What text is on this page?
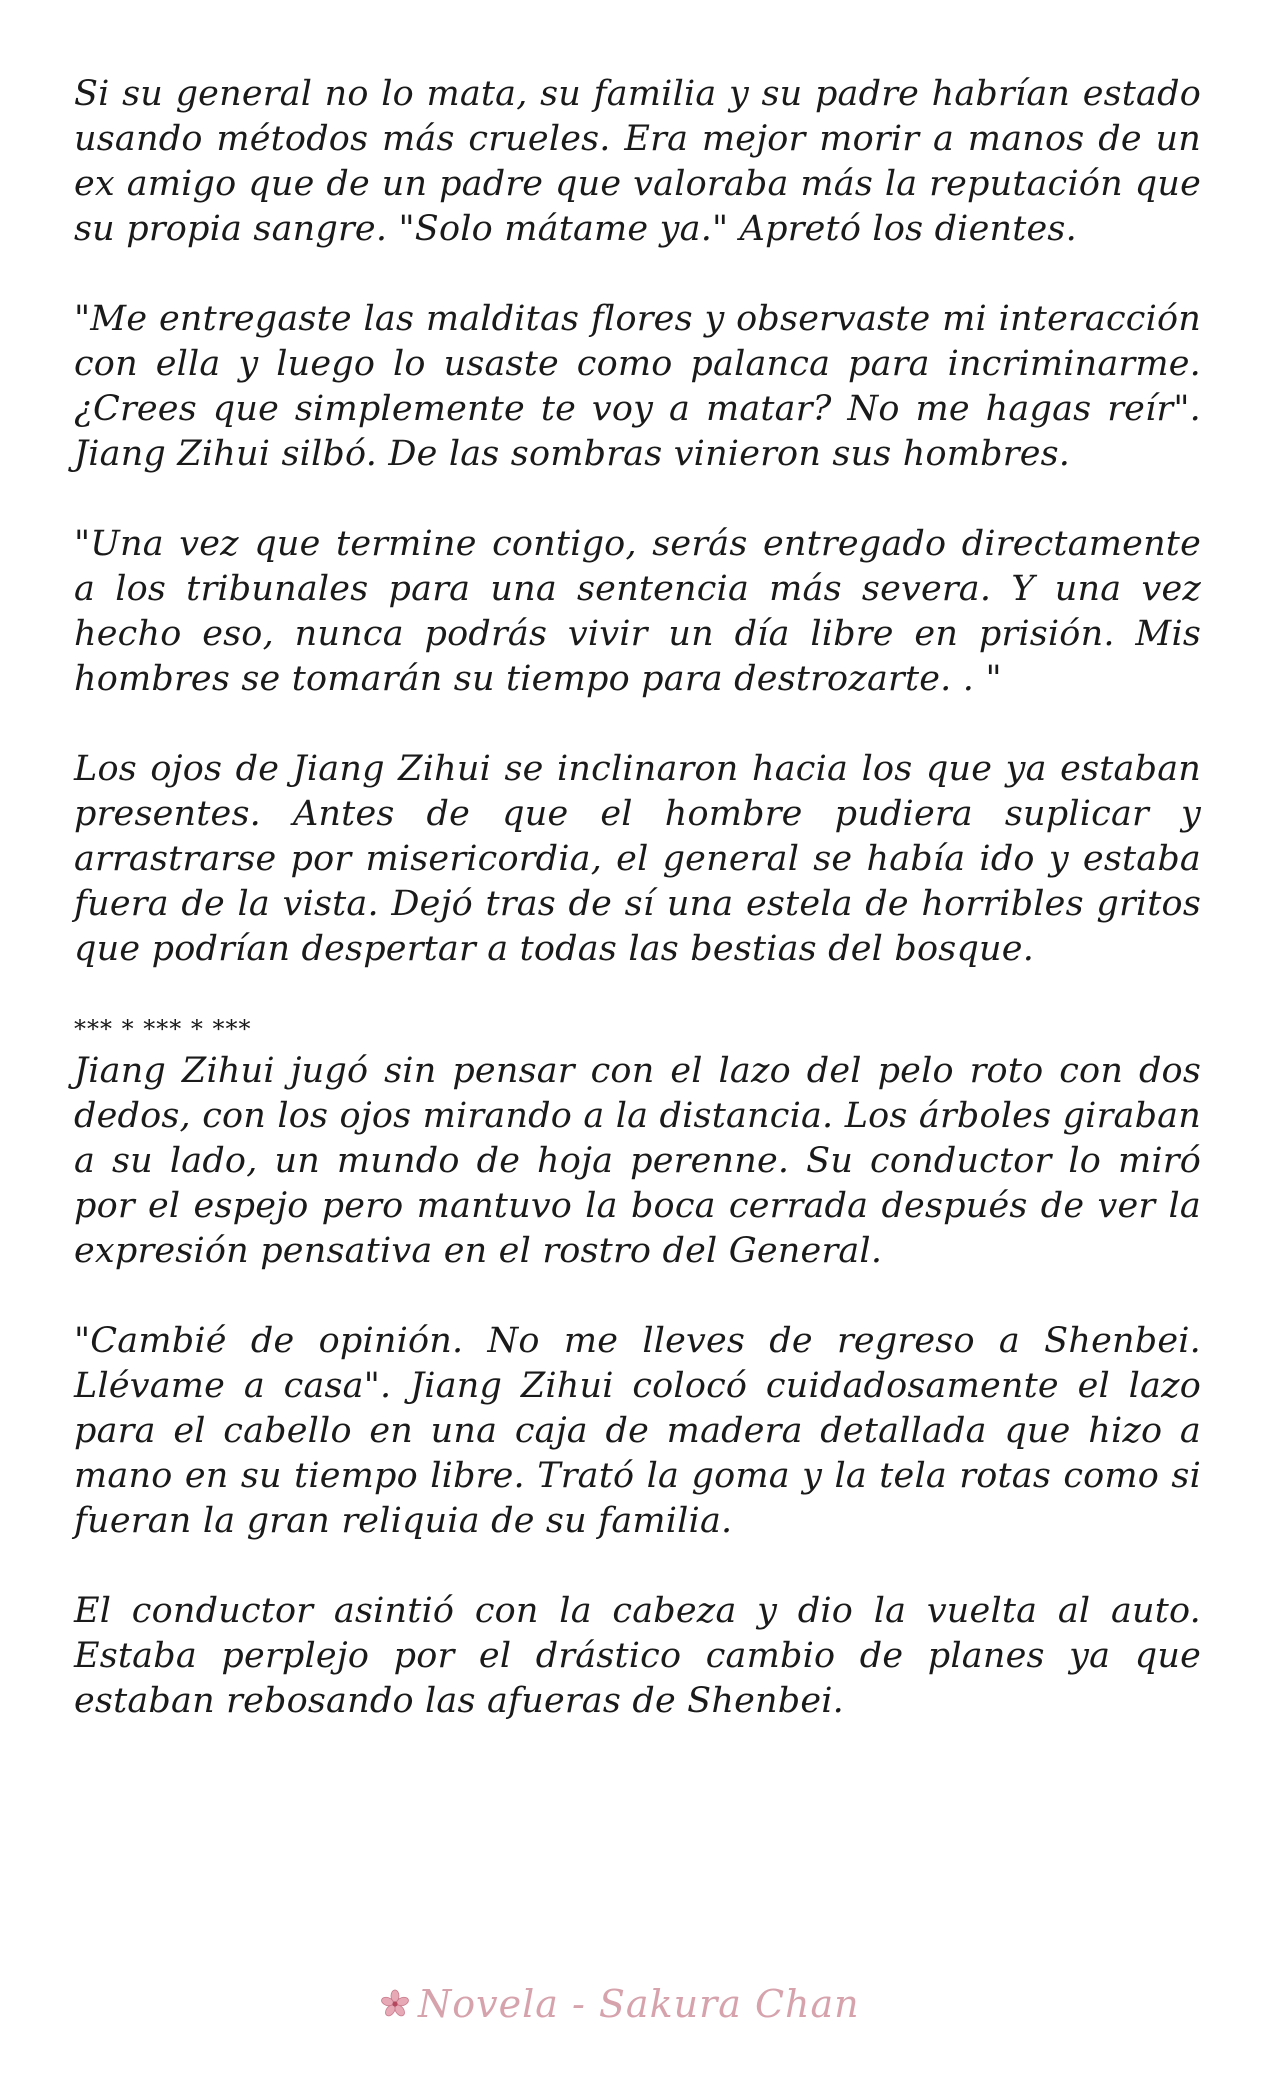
Si su general no lo mata, su familia y su padre habrían estado usando métodos más crueles. Era mejor morir a manos de un ex amigo que de un padre que valoraba más la reputación que su propia sangre. "Solo mátame ya." Apretó los dientes.

"Me entregaste las malditas flores y observaste mi interacción con ella y luego lo usaste como palanca para incriminarme. ¿Crees que simplemente te voy a matar? No me hagas reír". Jiang Zihui silbó. De las sombras vinieron sus hombres.

"Una vez que termine contigo, serás entregado directamente a los tribunales para una sentencia más severa. Y una vez hecho eso, nunca podrás vivir un día libre en prisión. Mis hombres se tomarán su tiempo para destrozarte. . "

Los ojos de Jiang Zihui se inclinaron hacia los que ya estaban presentes. Antes de que el hombre pudiera suplicar y arrastrarse por misericordia, el general se había ido y estaba fuera de la vista. Dejó tras de sí una estela de horribles gritos que podrían despertar a todas las bestias del bosque.

*** * *** * ***

Jiang Zihui jugó sin pensar con el lazo del pelo roto con dos dedos, con los ojos mirando a la distancia. Los árboles giraban a su lado, un mundo de hoja perenne. Su conductor lo miró por el espejo pero mantuvo la boca cerrada después de ver la expresión pensativa en el rostro del General.

"Cambié de opinión. No me lleves de regreso a Shenbei. Llévame a casa". Jiang Zihui colocó cuidadosamente el lazo para el cabello en una caja de madera detallada que hizo a mano en su tiempo libre. Trató la goma y la tela rotas como si fueran la gran reliquia de su familia.

El conductor asintió con la cabeza y dio la vuelta al auto. Estaba perplejo por el drástico cambio de planes ya que estaban rebosando las afueras de Shenbei.

Novela - Sakura Chan
